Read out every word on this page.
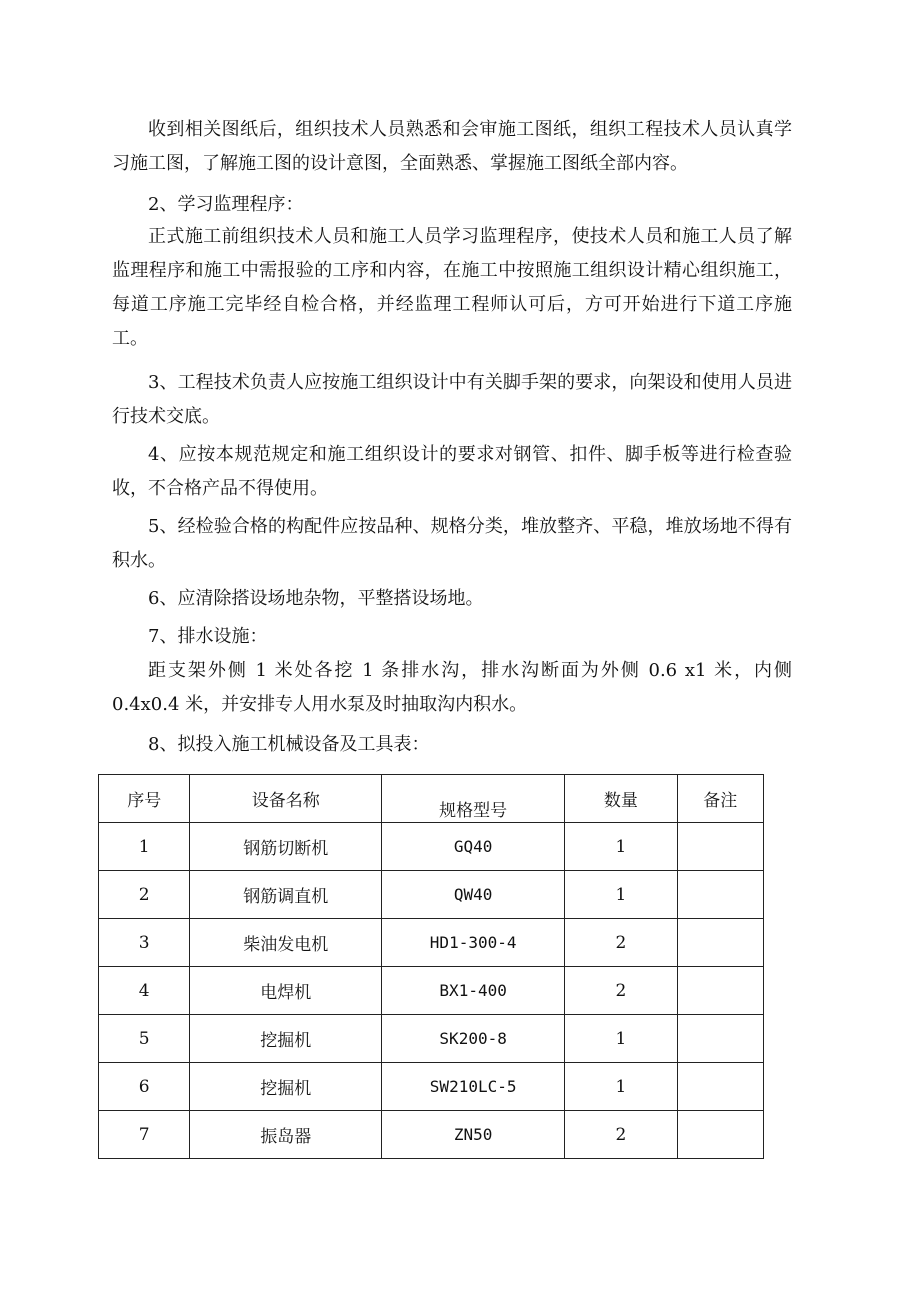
收到相关图纸后，组织技术人员熟悉和会审施工图纸，组织工程技术人员认真学习施工图，了解施工图的设计意图，全面熟悉、掌握施工图纸全部内容。

2、学习监理程序：

正式施工前组织技术人员和施工人员学习监理程序，使技术人员和施工人员了解监理程序和施工中需报验的工序和内容，在施工中按照施工组织设计精心组织施工，每道工序施工完毕经自检合格，并经监理工程师认可后，方可开始进行下道工序施工。

3、工程技术负责人应按施工组织设计中有关脚手架的要求，向架设和使用人员进行技术交底。

4、应按本规范规定和施工组织设计的要求对钢管、扣件、脚手板等进行检查验收，不合格产品不得使用。

5、经检验合格的构配件应按品种、规格分类，堆放整齐、平稳，堆放场地不得有积水。

6、应清除搭设场地杂物，平整搭设场地。

7、排水设施：

距支架外侧 1 米处各挖 1 条排水沟，排水沟断面为外侧 0.6 x1 米，内侧 0.4x0.4 米，并安排专人用水泵及时抽取沟内积水。

8、拟投入施工机械设备及工具表：

序号	设备名称	规格型号	数量	备注
1	钢筋切断机	GQ40	1	
2	钢筋调直机	QW40	1	
3	柴油发电机	HD1-300-4	2	
4	电焊机	BX1-400	2	
5	挖掘机	SK200-8	1	
6	挖掘机	SW210LC-5	1	
7	振岛器	ZN50	2	
